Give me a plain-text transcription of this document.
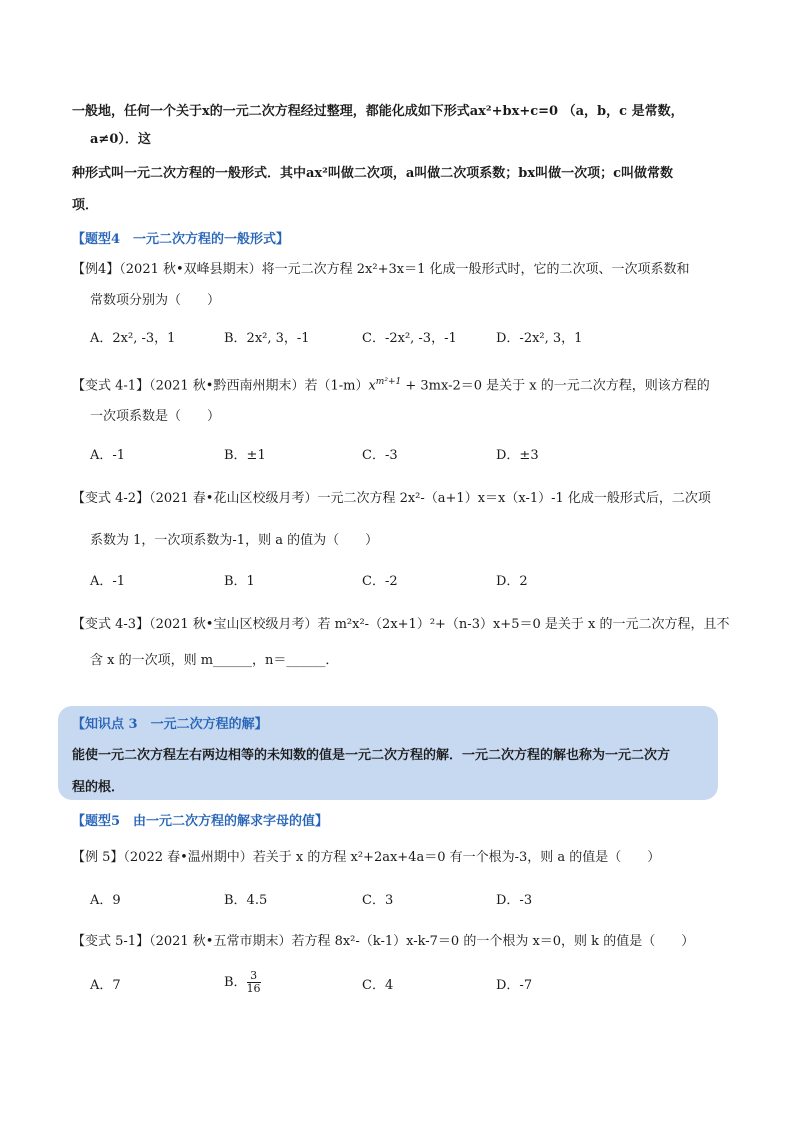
一般地，任何一个关于x的一元二次方程经过整理，都能化成如下形式ax²+bx+c=0 （a，b，c 是常数，
a≠0）．这
种形式叫一元二次方程的一般形式．其中ax²叫做二次项，a叫做二次项系数；bx叫做一次项；c叫做常数
项．
【题型4　一元二次方程的一般形式】
【例4】（2021 秋•双峰县期末）将一元二次方程 2x²+3x＝1 化成一般形式时，它的二次项、一次项系数和
常数项分别为（　　）
A．2x², -3，1	B．2x², 3，-1	C．-2x², -3，-1	D．-2x², 3，1
【变式 4-1】（2021 秋•黔西南州期末）若$(1-m)x^{m^2+1} + 3mx-2=0$ 是关于 x 的一元二次方程，则该方程的
一次项系数是（　　）
A．-1	B．±1	C．-3	D．±3
【变式 4-2】（2021 春•花山区校级月考）一元二次方程 2x²-（a+1）x＝x（x-1）-1 化成一般形式后，二次项
系数为 1，一次项系数为-1，则 a 的值为（　　）
A．-1	B．1	C．-2	D．2
【变式 4-3】（2021 秋•宝山区校级月考）若 m²x²-（2x+1）²+（n-3）x+5＝0 是关于 x 的一元二次方程，且不
含 x 的一次项，则 m______，n＝______．
【知识点 3　一元二次方程的解】
能使一元二次方程左右两边相等的未知数的值是一元二次方程的解．一元二次方程的解也称为一元二次方
程的根．
【题型5　由一元二次方程的解求字母的值】
【例 5】（2022 春•温州期中）若关于 x 的方程 x²+2ax+4a＝0 有一个根为-3，则 a 的值是（　　）
A．9	B．4.5	C．3	D．-3
【变式 5-1】（2021 秋•五常市期末）若方程 8x²-（k-1）x-k-7＝0 的一个根为 x＝0，则 k 的值是（　　）
A．7	B． $\frac{3}{16}$	C．4	D．-7
